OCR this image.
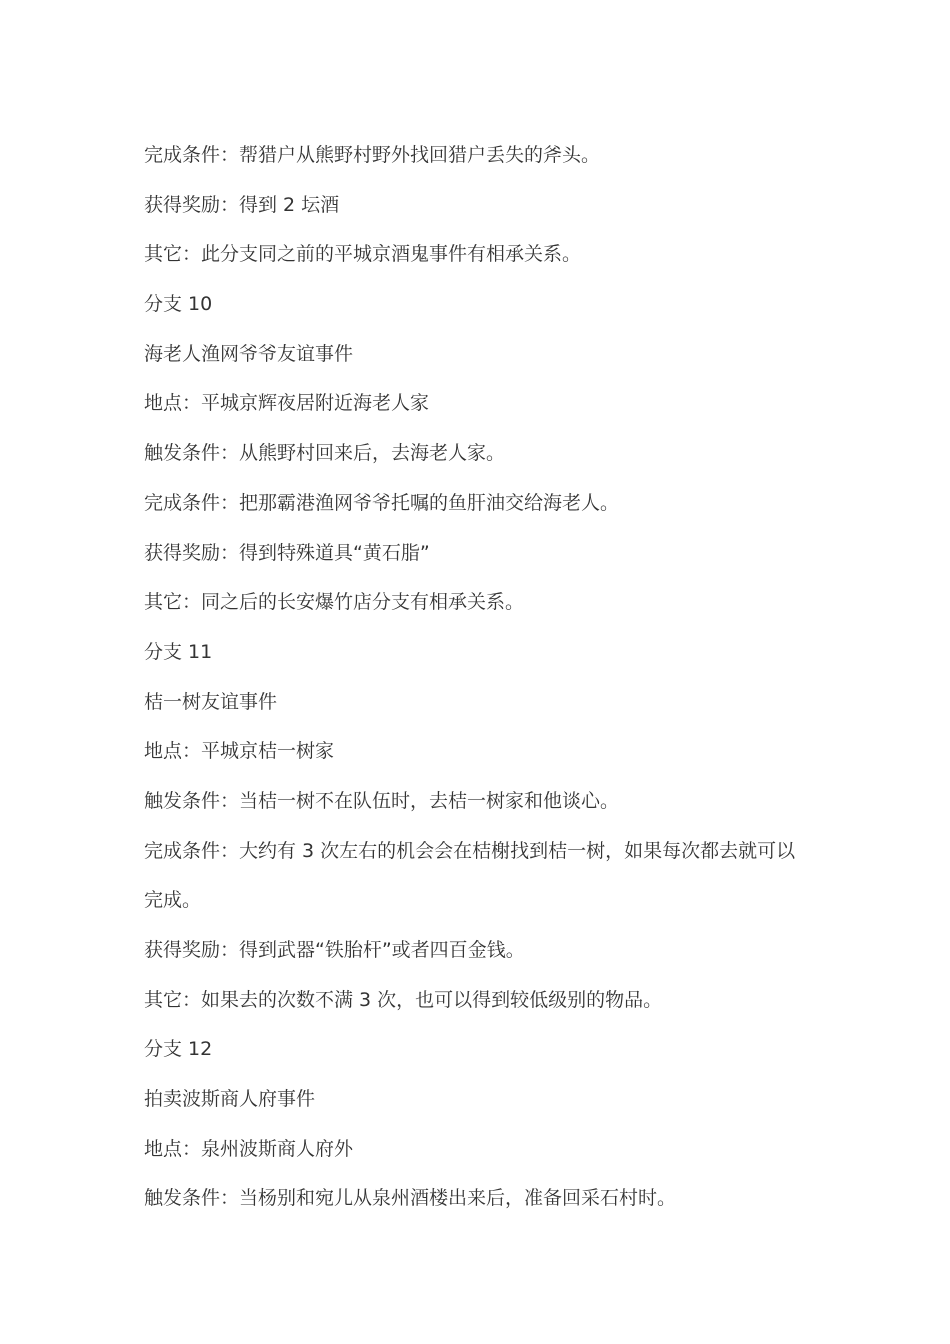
完成条件：帮猎户从熊野村野外找回猎户丢失的斧头。

获得奖励：得到 2 坛酒

其它：此分支同之前的平城京酒鬼事件有相承关系。

分支 10

海老人渔网爷爷友谊事件

地点：平城京辉夜居附近海老人家

触发条件：从熊野村回来后，去海老人家。

完成条件：把那霸港渔网爷爷托嘱的鱼肝油交给海老人。

获得奖励：得到特殊道具“黄石脂”

其它：同之后的长安爆竹店分支有相承关系。

分支 11

桔一树友谊事件

地点：平城京桔一树家

触发条件：当桔一树不在队伍时，去桔一树家和他谈心。

完成条件：大约有 3 次左右的机会会在桔榭找到桔一树，如果每次都去就可以

完成。

获得奖励：得到武器“铁胎杆”或者四百金钱。

其它：如果去的次数不满 3 次，也可以得到较低级别的物品。

分支 12

拍卖波斯商人府事件

地点：泉州波斯商人府外

触发条件：当杨别和宛儿从泉州酒楼出来后，准备回采石村时。
